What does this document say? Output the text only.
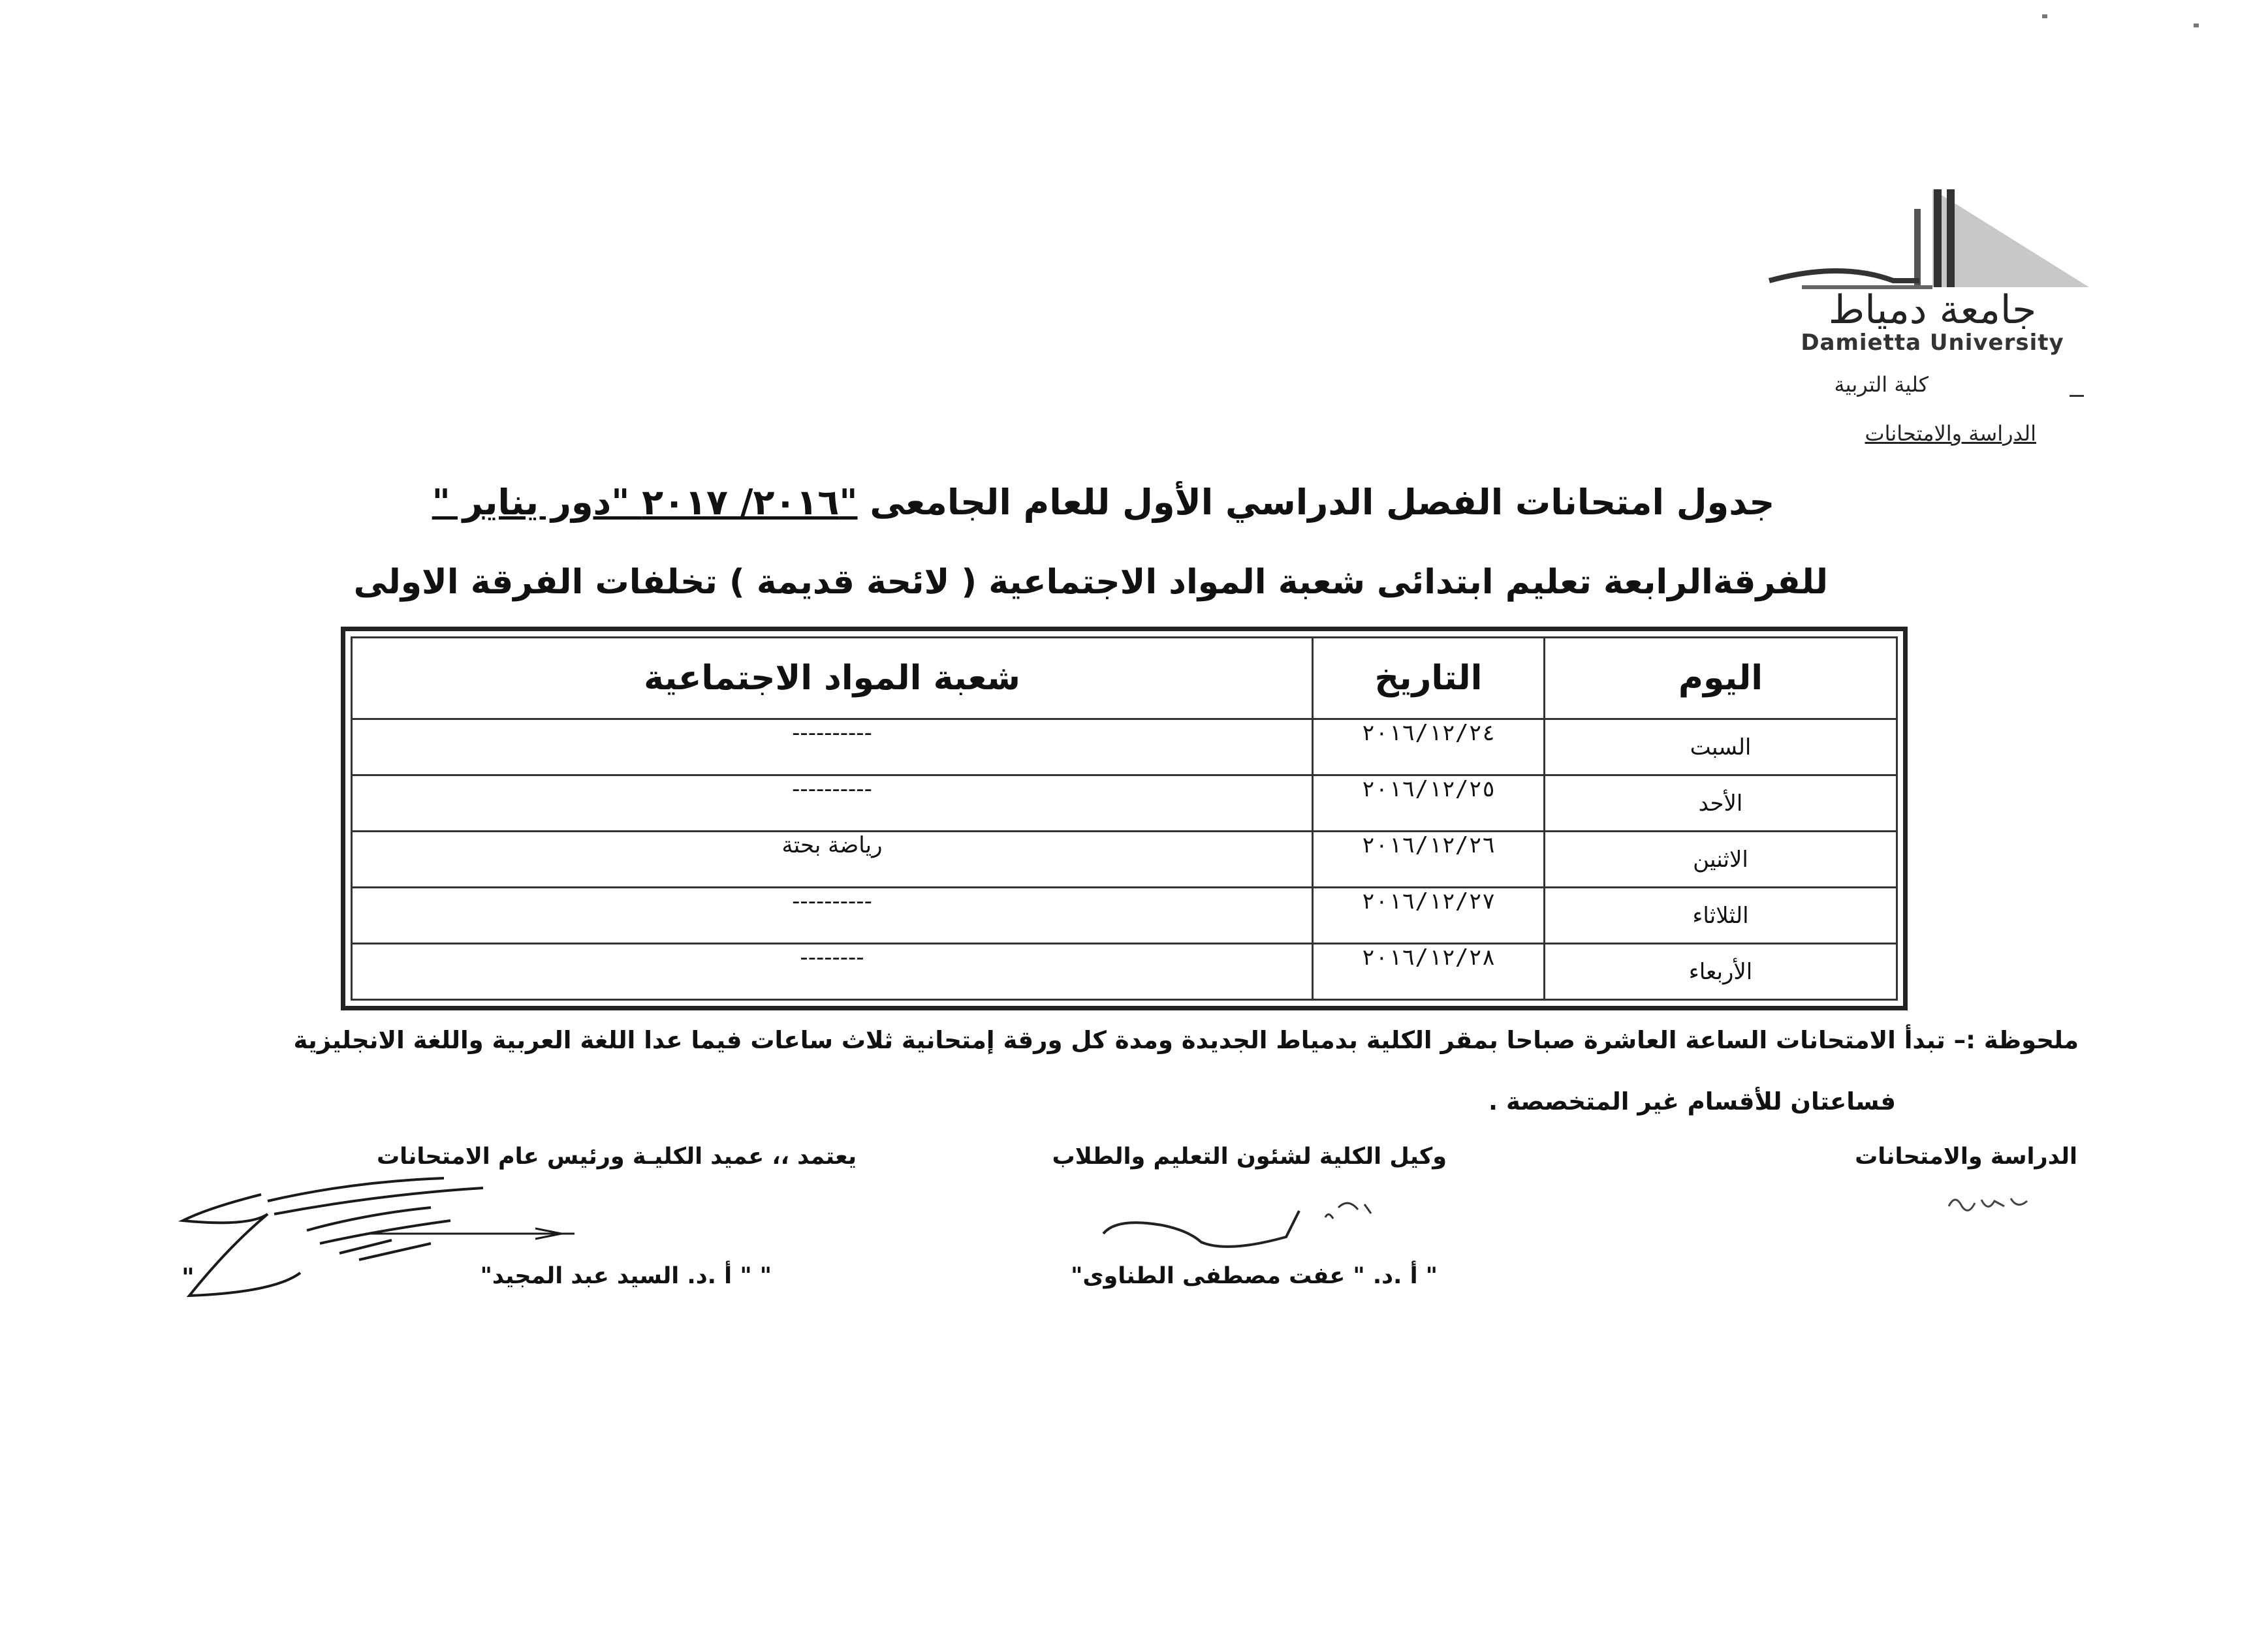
جامعة دمياط
Damietta University
كلية التربية
الدراسة والامتحانات
جدول امتحانات الفصل الدراسي الأول للعام الجامعى "٢٠١٦/ ٢٠١٧ "دور يناير "
للفرقةالرابعة تعليم ابتدائى شعبة المواد الاجتماعية ( لائحة قديمة ) تخلفات الفرقة الاولى
اليوم	التاريخ	شعبة المواد الاجتماعية
السبت	٢٠١٦/١٢/٢٤	----------
الأحد	٢٠١٦/١٢/٢٥	----------
الاثنين	٢٠١٦/١٢/٢٦	رياضة بحتة
الثلاثاء	٢٠١٦/١٢/٢٧	----------
الأربعاء	٢٠١٦/١٢/٢٨	--------
ملحوظة :– تبدأ الامتحانات الساعة العاشرة صباحا بمقر الكلية بدمياط الجديدة ومدة كل ورقة إمتحانية ثلاث ساعات فيما عدا اللغة العربية واللغة الانجليزية
فساعتان للأقسام غير المتخصصة .
الدراسة والامتحانات
وكيل الكلية لشئون التعليم والطلاب
يعتمد ،، عميد الكليـة ورئيس عام الامتحانات
" أ .د. " عفت مصطفى الطناوى"
" " أ .د. السيد عبد المجيد"
"
